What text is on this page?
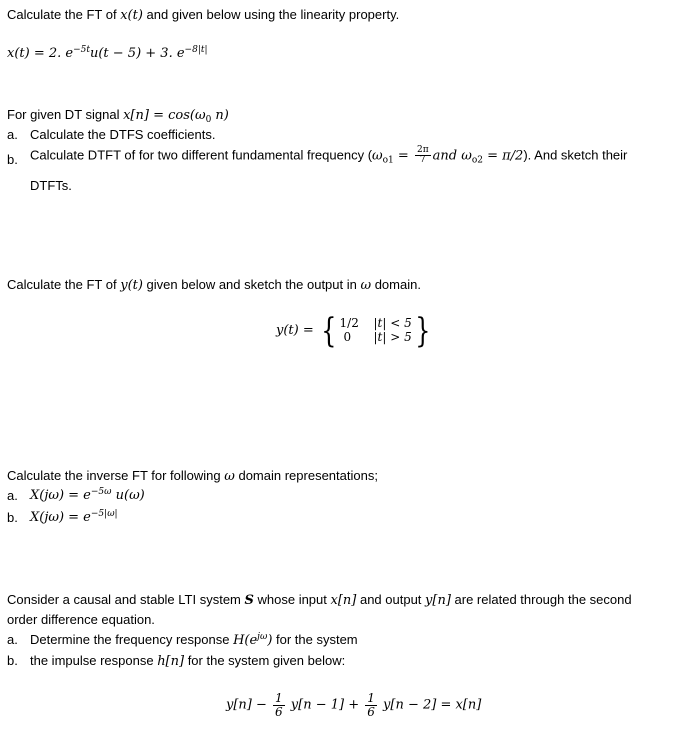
Calculate the FT of x(t) and given below using the linearity property.
x(t) = 2. $e^{-5t}u(t - 5) + 3$. $e^{-8|t|}$
For given DT signal $x[n] = \cos(\omega_0$ n)
a. Calculate the DTFS coefficients.
b. Calculate DTFT of for two different fundamental frequency ($\omega_{o1} = \frac{2\pi}{7}$ and $\omega_{o2} = \pi/2$). And sketch their
DTFTs.
Calculate the FT of y(t) given below and sketch the output in ω domain.
y(t) = { 1/2 |t| < 5
0 |t| > 5 }
Calculate the inverse FT for following ω domain representations;
a. $X(j\omega) = e^{-5\omega}$ u(ω)
b. $X(j\omega) = e^{-5|\omega|}$
Consider a causal and stable LTI system S whose input x[n] and output y[n] are related through the second
order difference equation.
a. Determine the frequency response $H(e^{j\omega})$ for the system
b. the impulse response h[n] for the system given below:
$y[n] - \frac{1}{6} y[n - 1] + \frac{1}{6} y[n - 2] = x[n]$
